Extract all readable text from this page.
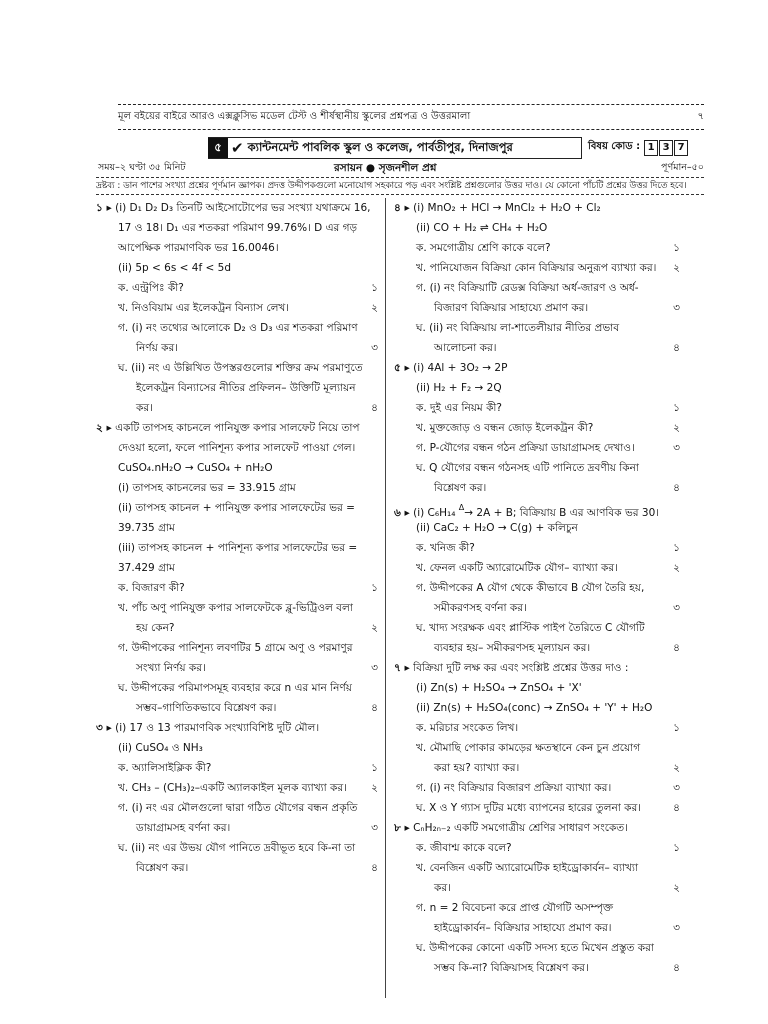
মূল বইয়ের বাইরে আরও এক্সক্লুসিভ মডেল টেস্ট ও শীর্ষস্থানীয় স্কুলের প্রশ্নপত্র ও উত্তরমালা	৭
৫ ✔ ক্যান্টনমেন্ট পাবলিক স্কুল ও কলেজ, পার্বতীপুর, দিনাজপুর	বিষয় কোড : 1 3 7
সময়–২ ঘণ্টা ৩৫ মিনিট	রসায়ন ● সৃজনশীল প্রশ্ন	পূর্ণমান–৫০
দ্রষ্টব্য : ডান পাশের সংখ্যা প্রশ্নের পূর্ণমান জ্ঞাপক। প্রদত্ত উদ্দীপকগুলো মনোযোগ সহকারে পড় এবং সংশ্লিষ্ট প্রশ্নগুলোর উত্তর দাও। যে কোনো পাঁচটি প্রশ্নের উত্তর দিতে হবে।
১ ▸ (i) D₁ D₂ D₃ তিনটি আইসোটোপের ভর সংখ্যা যথাক্রমে 16,
17 ও 18। D₁ এর শতকরা পরিমাণ 99.76%। D এর গড়
আপেক্ষিক পারমাণবিক ভর 16.0046।
(ii) 5p < 6s < 4f < 5d
ক. এন্ট্রপিঃ কী?	১
খ. নিওবিয়াম এর ইলেকট্রন বিন্যাস লেখ।	২
গ. (i) নং তথ্যের আলোকে D₂ ও D₃ এর শতকরা পরিমাণ
নির্ণয় কর।	৩
ঘ. (ii) নং এ উল্লিখিত উপস্তরগুলোর শক্তির ক্রম পরমাণুতে
ইলেকট্রন বিন্যাসের নীতির প্রফিলন– উক্তিটি মূল্যায়ন
কর।	৪
২ ▸ একটি তাপসহ কাচনলে পানিযুক্ত কপার সালফেট নিয়ে তাপ
দেওয়া হলো, ফলে পানিশূন্য কপার সালফেট পাওয়া গেল।
CuSO₄.nH₂O → CuSO₄ + nH₂O
(i) তাপসহ কাচনলের ভর = 33.915 গ্রাম
(ii) তাপসহ কাচনল + পানিযুক্ত কপার সালফেটের ভর =
39.735 গ্রাম
(iii) তাপসহ কাচনল + পানিশূন্য কপার সালফেটের ভর =
37.429 গ্রাম
ক. বিজারণ কী?	১
খ. পাঁচ অণু পানিযুক্ত কপার সালফেটকে ব্লু-ভিট্রিওল বলা
হয় কেন?	২
গ. উদ্দীপকের পানিশূন্য লবণটির 5 গ্রামে অণু ও পরমাণুর
সংখ্যা নির্ণয় কর।	৩
ঘ. উদ্দীপকের পরিমাপসমূহ ব্যবহার করে n এর মান নির্ণয়
সম্ভব–গাণিতিকভাবে বিশ্লেষণ কর।	৪
৩ ▸ (i) 17 ও 13 পারমাণবিক সংখ্যাবিশিষ্ট দুটি মৌল।
(ii) CuSO₄ ও NH₃
ক. অ্যালিসাইক্লিক কী?	১
খ. CH₃ – (CH₃)₂–একটি অ্যালকাইল মূলক ব্যাখ্যা কর। ২
গ. (i) নং এর মৌলগুলো দ্বারা গঠিত যৌগের বন্ধন প্রকৃতি
ডায়াগ্রামসহ বর্ণনা কর।	৩
ঘ. (ii) নং এর উভয় যৌগ পানিতে দ্রবীভূত হবে কি-না তা
বিশ্লেষণ কর।	৪
৪ ▸ (i) MnO₂ + HCl → MnCl₂ + H₂O + Cl₂
(ii) CO + H₂ ⇌ CH₄ + H₂O
ক. সমগোত্রীয় শ্রেণি কাকে বলে?	১
খ. পানিযোজন বিক্রিয়া কোন বিক্রিয়ার অনুরূপ ব্যাখ্যা কর। ২
গ. (i) নং বিক্রিয়াটি রেডক্স বিক্রিয়া অর্ধ-জারণ ও অর্ধ-
বিজারণ বিক্রিয়ার সাহায্যে প্রমাণ কর।	৩
ঘ. (ii) নং বিক্রিয়ায় লা-শাতেলীয়ার নীতির প্রভাব
আলোচনা কর।	৪
৫ ▸ (i) 4Al + 3O₂ → 2P
(ii) H₂ + F₂ → 2Q
ক. দুই এর নিয়ম কী?	১
খ. মুক্তজোড় ও বন্ধন জোড় ইলেকট্রন কী?	২
গ. P-যৌগের বন্ধন গঠন প্রক্রিয়া ডায়াগ্রামসহ দেখাও।	৩
ঘ. Q যৌগের বন্ধন গঠনসহ এটি পানিতে দ্রবণীয় কিনা
বিশ্লেষণ কর।	৪
৬ ▸ (i) C₆H₁₄ $^\Delta$→ 2A + B; বিক্রিয়ায় B এর আণবিক ভর 30।
(ii) CaC₂ + H₂O → C(g) + কলিচুন
ক. খনিজ কী?	১
খ. ফেনল একটি অ্যারোমেটিক যৌগ– ব্যাখ্যা কর।	২
গ. উদ্দীপকের A যৌগ থেকে কীভাবে B যৌগ তৈরি হয়,
সমীকরণসহ বর্ণনা কর।	৩
ঘ. খাদ্য সংরক্ষক এবং প্লাস্টিক পাইপ তৈরিতে C যৌগটি
ব্যবহার হয়– সমীকরণসহ মূল্যায়ন কর।	৪
৭ ▸ বিক্রিয়া দুটি লক্ষ কর এবং সংশ্লিষ্ট প্রশ্নের উত্তর দাও :
(i) Zn(s) + H₂SO₄ → ZnSO₄ + 'X'
(ii) Zn(s) + H₂SO₄(conc) → ZnSO₄ + 'Y' + H₂O
ক. মরিচার সংকেত লিখ।	১
খ. মৌমাছি পোকার কামড়ের ক্ষতস্থানে কেন চুন প্রয়োগ
করা হয়? ব্যাখ্যা কর।	২
গ. (i) নং বিক্রিয়ার বিজারণ প্রক্রিয়া ব্যাখ্যা কর।	৩
ঘ. X ও Y গ্যাস দুটির মধ্যে ব্যাপনের হারের তুলনা কর।	৪
৮ ▸ CₙH₂ₙ₋₂ একটি সমগোত্রীয় শ্রেণির সাধারণ সংকেত।
ক. জীবাশ্ম কাকে বলে?	১
খ. বেনজিন একটি অ্যারোমেটিক হাইড্রোকার্বন– ব্যাখ্যা
কর।	২
গ. n = 2 বিবেচনা করে প্রাপ্ত যৌগটি অসম্পৃক্ত
হাইড্রোকার্বন– বিক্রিয়ার সাহায্যে প্রমাণ কর।	৩
ঘ. উদ্দীপকের কোনো একটি সদস্য হতে মিখেন প্রস্তুত করা
সম্ভব কি-না? বিক্রিয়াসহ বিশ্লেষণ কর।	৪
